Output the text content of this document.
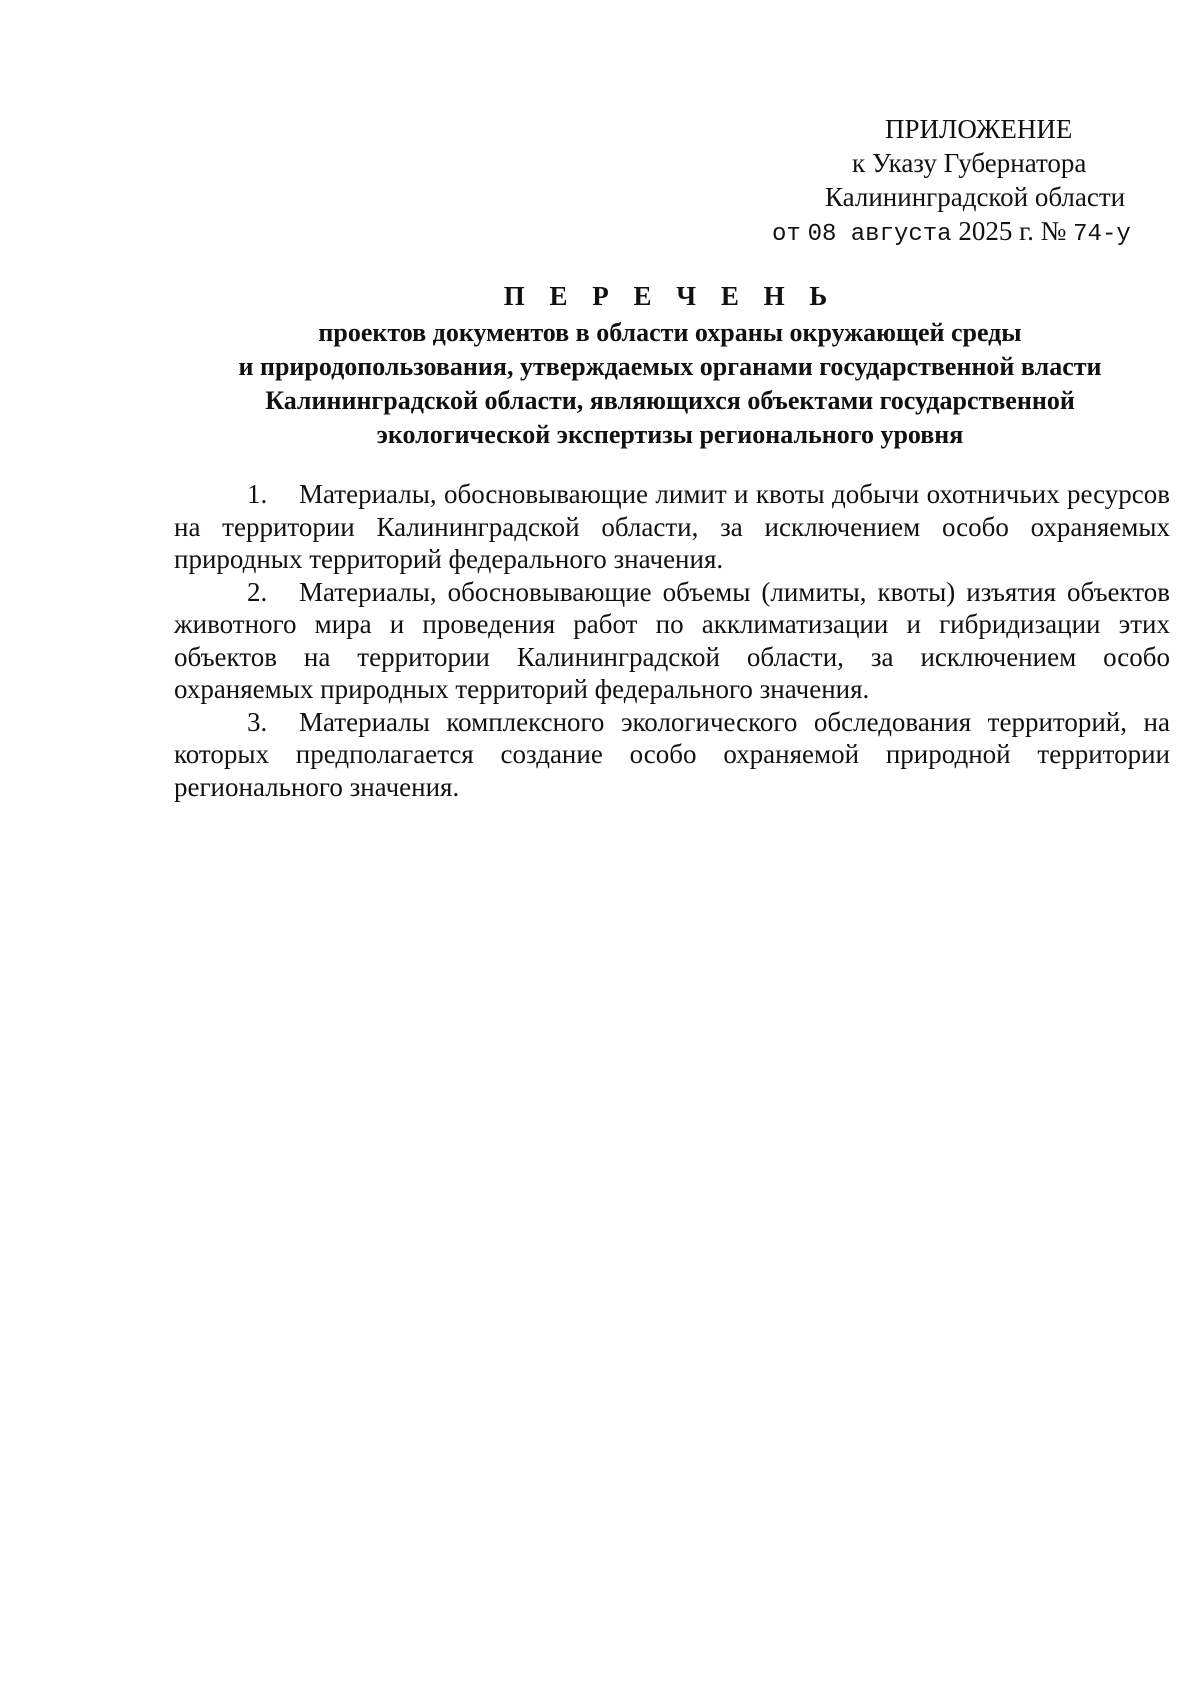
ПРИЛОЖЕНИЕ
к Указу Губернатора
Калининградской области
от 08 августа 2025 г. № 74-у
П Е Р Е Ч Е Н Ь
проектов документов в области охраны окружающей среды
и природопользования, утверждаемых органами государственной власти
Калининградской области, являющихся объектами государственной
экологической экспертизы регионального уровня

1. Материалы, обосновывающие лимит и квоты добычи охотничьих ресурсов на территории Калининградской области, за исключением особо охраняемых природных территорий федерального значения.

2. Материалы, обосновывающие объемы (лимиты, квоты) изъятия объектов животного мира и проведения работ по акклиматизации и гибридизации этих объектов на территории Калининградской области, за исключением особо охраняемых природных территорий федерального значения.

3. Материалы комплексного экологического обследования территорий, на которых предполагается создание особо охраняемой природной территории регионального значения.
